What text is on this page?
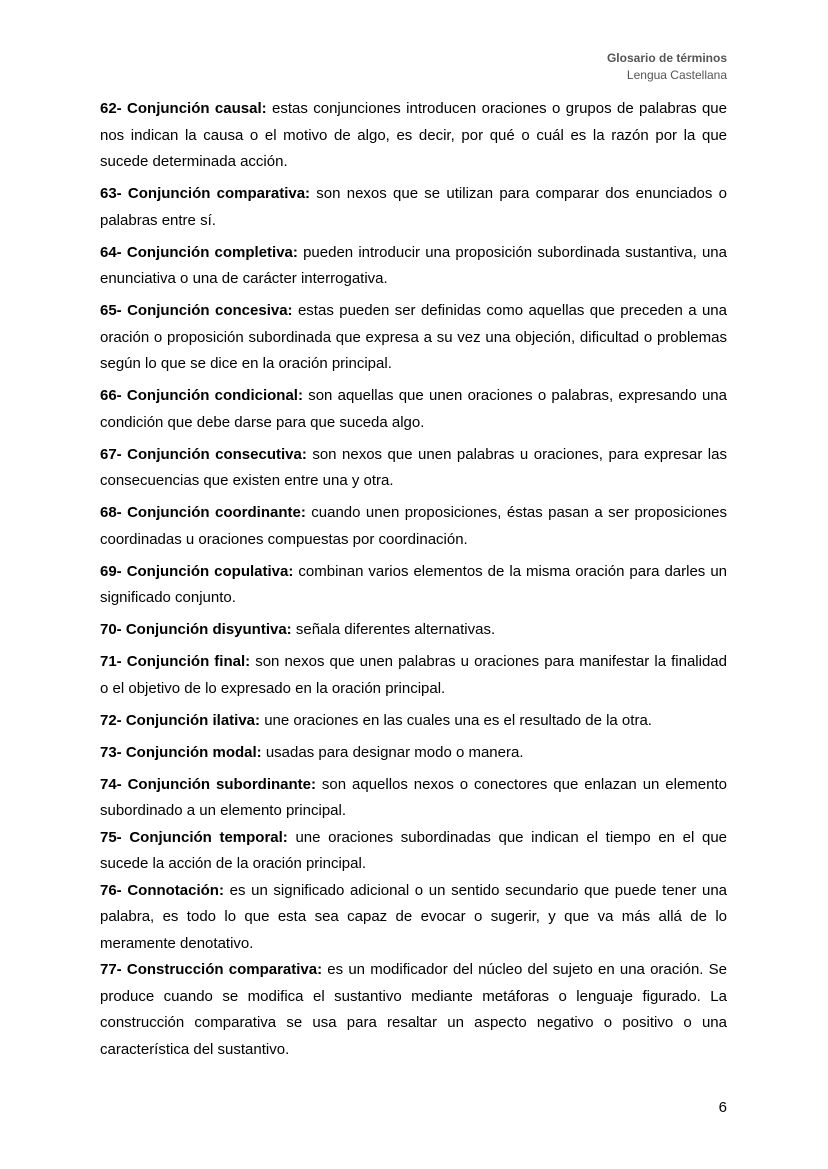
Glosario de términos
Lengua Castellana

62- Conjunción causal: estas conjunciones introducen oraciones o grupos de palabras que nos indican la causa o el motivo de algo, es decir, por qué o cuál es la razón por la que sucede determinada acción.

63- Conjunción comparativa: son nexos que se utilizan para comparar dos enunciados o palabras entre sí.

64- Conjunción completiva: pueden introducir una proposición subordinada sustantiva, una enunciativa o una de carácter interrogativa.

65- Conjunción concesiva: estas pueden ser definidas como aquellas que preceden a una oración o proposición subordinada que expresa a su vez una objeción, dificultad o problemas según lo que se dice en la oración principal.

66- Conjunción condicional: son aquellas que unen oraciones o palabras, expresando una condición que debe darse para que suceda algo.

67- Conjunción consecutiva: son nexos que unen palabras u oraciones, para expresar las consecuencias que existen entre una y otra.

68- Conjunción coordinante: cuando unen proposiciones, éstas pasan a ser proposiciones coordinadas u oraciones compuestas por coordinación.

69- Conjunción copulativa: combinan varios elementos de la misma oración para darles un significado conjunto.

70- Conjunción disyuntiva: señala diferentes alternativas.

71- Conjunción final: son nexos que unen palabras u oraciones para manifestar la finalidad o el objetivo de lo expresado en la oración principal.

72- Conjunción ilativa: une oraciones en las cuales una es el resultado de la otra.

73- Conjunción modal: usadas para designar modo o manera.

74- Conjunción subordinante: son aquellos nexos o conectores que enlazan un elemento subordinado a un elemento principal.

75- Conjunción temporal: une oraciones subordinadas que indican el tiempo en el que sucede la acción de la oración principal.

76- Connotación: es un significado adicional o un sentido secundario que puede tener una palabra, es todo lo que esta sea capaz de evocar o sugerir, y que va más allá de lo meramente denotativo.

77- Construcción comparativa: es un modificador del núcleo del sujeto en una oración. Se produce cuando se modifica el sustantivo mediante metáforas o lenguaje figurado. La construcción comparativa se usa para resaltar un aspecto negativo o positivo o una característica del sustantivo.

6
